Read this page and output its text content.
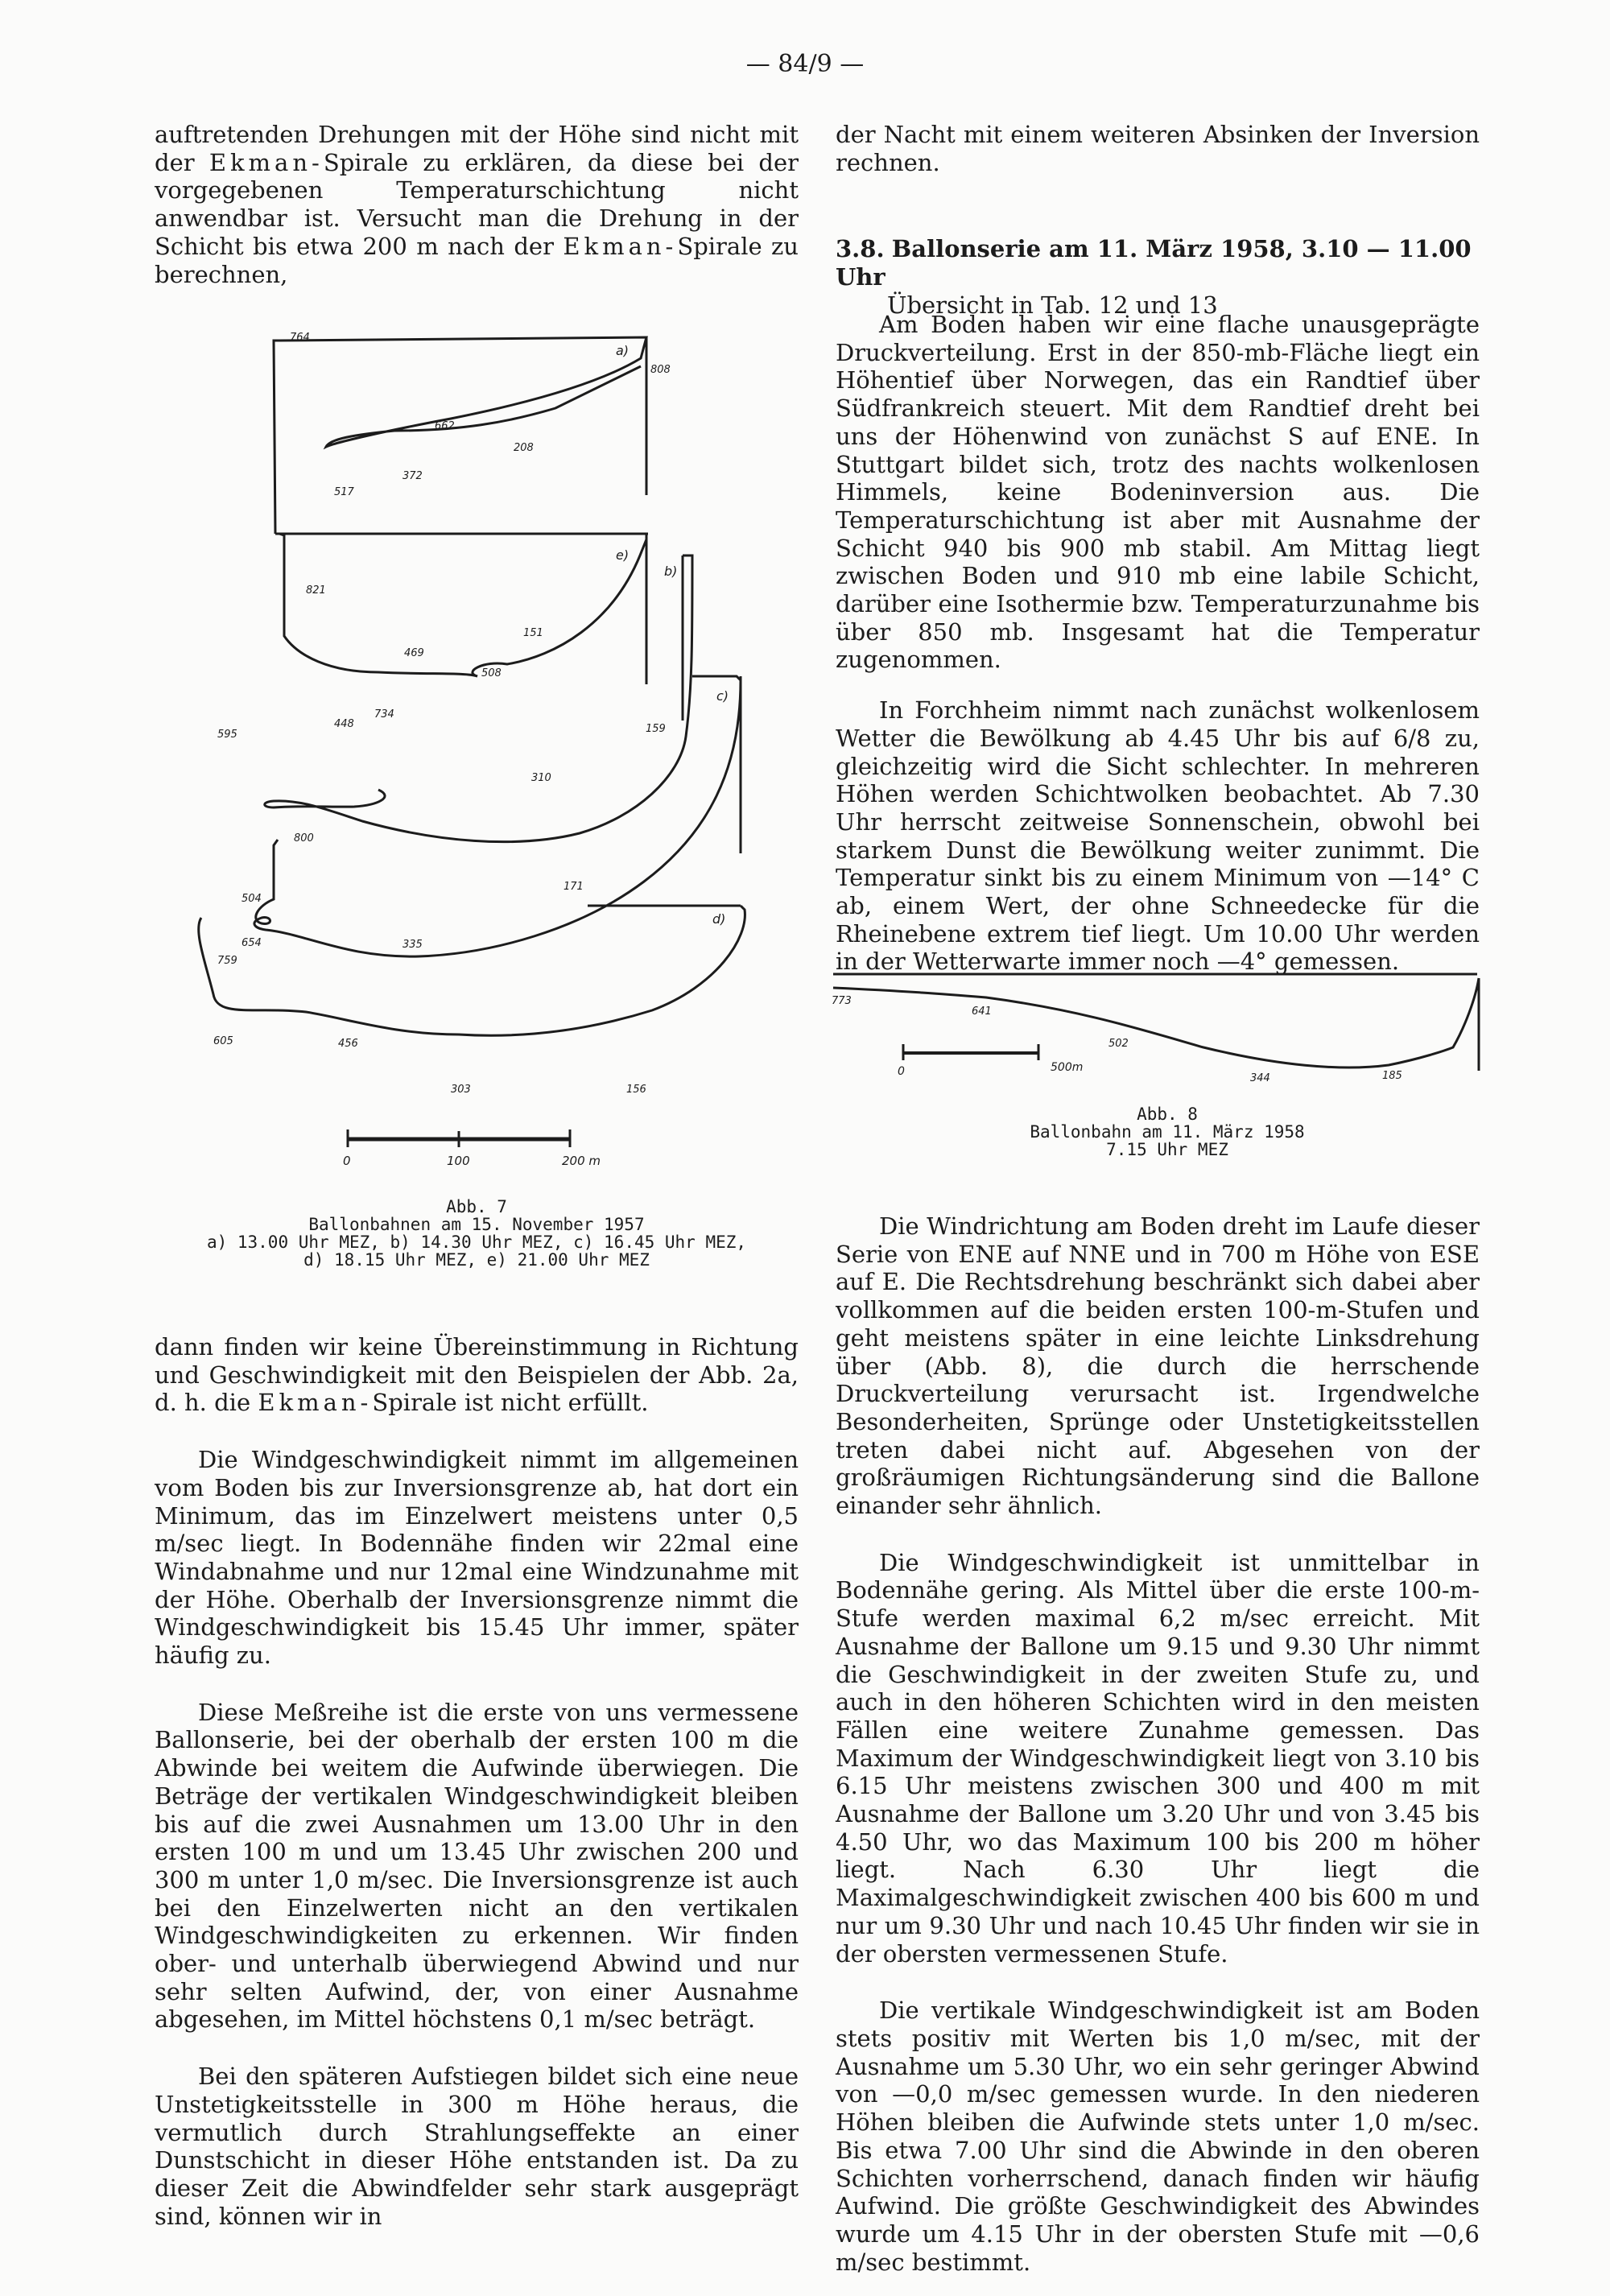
— 84/9 —

auftretenden Drehungen mit der Höhe sind nicht mit der Ekman-Spirale zu erklären, da diese bei der vorgegebenen Temperaturschichtung nicht anwendbar ist. Versucht man die Drehung in der Schicht bis etwa 200 m nach der Ekman-Spirale zu berechnen,

764
a)
808
662
208
372
517
e)
b)
821
151
469
508
c)
734
448
595	159
310
800
171
504
d)
654	335
759
605	456
303	156
0	100	200 m
Abb. 7
Ballonbahnen am 15. November 1957
a) 13.00 Uhr MEZ, b) 14.30 Uhr MEZ, c) 16.45 Uhr MEZ,
d) 18.15 Uhr MEZ, e) 21.00 Uhr MEZ

dann finden wir keine Übereinstimmung in Richtung und Geschwindigkeit mit den Beispielen der Abb. 2a, d. h. die Ekman-Spirale ist nicht erfüllt.

Die Windgeschwindigkeit nimmt im allgemeinen vom Boden bis zur Inversionsgrenze ab, hat dort ein Minimum, das im Einzelwert meistens unter 0,5 m/sec liegt. In Bodennähe finden wir 22mal eine Windabnahme und nur 12mal eine Windzunahme mit der Höhe. Oberhalb der Inversionsgrenze nimmt die Windgeschwindigkeit bis 15.45 Uhr immer, später häufig zu.

Diese Meßreihe ist die erste von uns vermessene Ballonserie, bei der oberhalb der ersten 100 m die Abwinde bei weitem die Aufwinde überwiegen. Die Beträge der vertikalen Windgeschwindigkeit bleiben bis auf die zwei Ausnahmen um 13.00 Uhr in den ersten 100 m und um 13.45 Uhr zwischen 200 und 300 m unter 1,0 m/sec. Die Inversionsgrenze ist auch bei den Einzelwerten nicht an den vertikalen Windgeschwindigkeiten zu erkennen. Wir finden ober- und unterhalb überwiegend Abwind und nur sehr selten Aufwind, der, von einer Ausnahme abgesehen, im Mittel höchstens 0,1 m/sec beträgt.

Bei den späteren Aufstiegen bildet sich eine neue Unstetigkeitsstelle in 300 m Höhe heraus, die vermutlich durch Strahlungseffekte an einer Dunstschicht in dieser Höhe entstanden ist. Da zu dieser Zeit die Abwindfelder sehr stark ausgeprägt sind, können wir in

der Nacht mit einem weiteren Absinken der Inversion rechnen.

3.8. Ballonserie am 11. März 1958, 3.10 — 11.00 Uhr
Übersicht in Tab. 12 und 13

Am Boden haben wir eine flache unausgeprägte Druckverteilung. Erst in der 850-mb-Fläche liegt ein Höhentief über Norwegen, das ein Randtief über Südfrankreich steuert. Mit dem Randtief dreht bei uns der Höhenwind von zunächst S auf ENE. In Stuttgart bildet sich, trotz des nachts wolkenlosen Himmels, keine Bodeninversion aus. Die Temperaturschichtung ist aber mit Ausnahme der Schicht 940 bis 900 mb stabil. Am Mittag liegt zwischen Boden und 910 mb eine labile Schicht, darüber eine Isothermie bzw. Temperaturzunahme bis über 850 mb. Insgesamt hat die Temperatur zugenommen.

In Forchheim nimmt nach zunächst wolkenlosem Wetter die Bewölkung ab 4.45 Uhr bis auf 6/8 zu, gleichzeitig wird die Sicht schlechter. In mehreren Höhen werden Schichtwolken beobachtet. Ab 7.30 Uhr herrscht zeitweise Sonnenschein, obwohl bei starkem Dunst die Bewölkung weiter zunimmt. Die Temperatur sinkt bis zu einem Minimum von —14° C ab, einem Wert, der ohne Schneedecke für die Rheinebene extrem tief liegt. Um 10.00 Uhr werden in der Wetterwarte immer noch —4° gemessen.

773
641
502
0	500m
344	185
Abb. 8
Ballonbahn am 11. März 1958
7.15 Uhr MEZ

Die Windrichtung am Boden dreht im Laufe dieser Serie von ENE auf NNE und in 700 m Höhe von ESE auf E. Die Rechtsdrehung beschränkt sich dabei aber vollkommen auf die beiden ersten 100-m-Stufen und geht meistens später in eine leichte Linksdrehung über (Abb. 8), die durch die herrschende Druckverteilung verursacht ist. Irgendwelche Besonderheiten, Sprünge oder Unstetigkeitsstellen treten dabei nicht auf. Abgesehen von der großräumigen Richtungsänderung sind die Ballone einander sehr ähnlich.

Die Windgeschwindigkeit ist unmittelbar in Bodennähe gering. Als Mittel über die erste 100-m-Stufe werden maximal 6,2 m/sec erreicht. Mit Ausnahme der Ballone um 9.15 und 9.30 Uhr nimmt die Geschwindigkeit in der zweiten Stufe zu, und auch in den höheren Schichten wird in den meisten Fällen eine weitere Zunahme gemessen. Das Maximum der Windgeschwindigkeit liegt von 3.10 bis 6.15 Uhr meistens zwischen 300 und 400 m mit Ausnahme der Ballone um 3.20 Uhr und von 3.45 bis 4.50 Uhr, wo das Maximum 100 bis 200 m höher liegt. Nach 6.30 Uhr liegt die Maximalgeschwindigkeit zwischen 400 bis 600 m und nur um 9.30 Uhr und nach 10.45 Uhr finden wir sie in der obersten vermessenen Stufe.

Die vertikale Windgeschwindigkeit ist am Boden stets positiv mit Werten bis 1,0 m/sec, mit der Ausnahme um 5.30 Uhr, wo ein sehr geringer Abwind von —0,0 m/sec gemessen wurde. In den niederen Höhen bleiben die Aufwinde stets unter 1,0 m/sec. Bis etwa 7.00 Uhr sind die Abwinde in den oberen Schichten vorherrschend, danach finden wir häufig Aufwind. Die größte Geschwindigkeit des Abwindes wurde um 4.15 Uhr in der obersten Stufe mit —0,6 m/sec bestimmt.
